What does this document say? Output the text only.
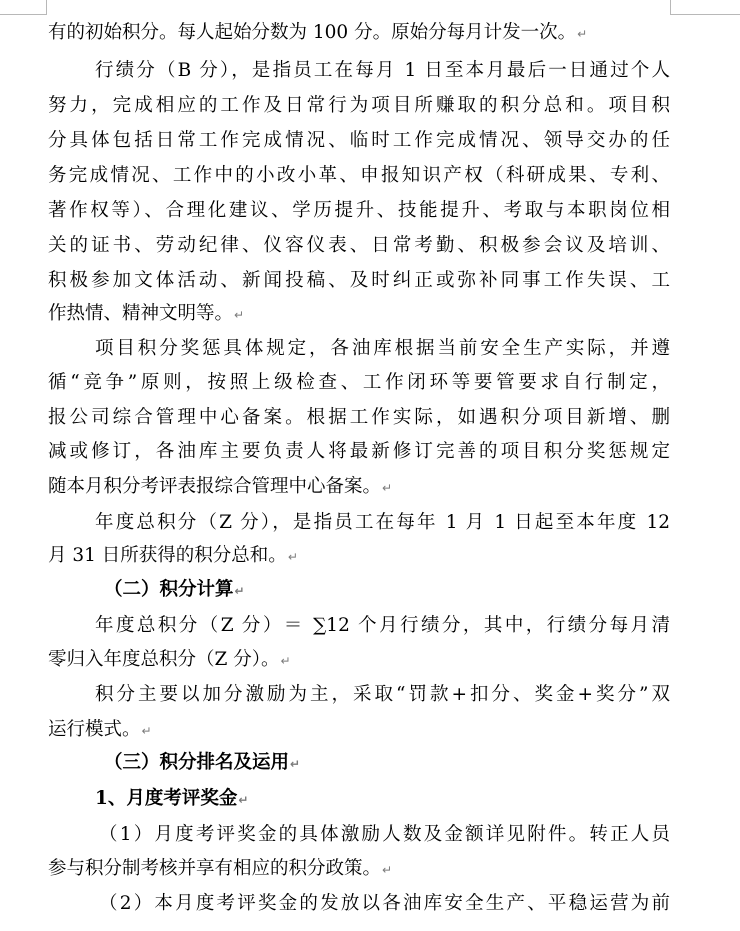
有的初始积分。每人起始分数为 100 分。原始分每月计发一次。↵
行绩分（B 分），是指员工在每月 1 日至本月最后一日通过个人
努力，完成相应的工作及日常行为项目所赚取的积分总和。项目积
分具体包括日常工作完成情况、临时工作完成情况、领导交办的任
务完成情况、工作中的小改小革、申报知识产权（科研成果、专利、
著作权等）、合理化建议、学历提升、技能提升、考取与本职岗位相
关的证书、劳动纪律、仪容仪表、日常考勤、积极参会议及培训、
积极参加文体活动、新闻投稿、及时纠正或弥补同事工作失误、工
作热情、精神文明等。↵
项目积分奖惩具体规定，各油库根据当前安全生产实际，并遵
循“竞争”原则，按照上级检查、工作闭环等要管要求自行制定，
报公司综合管理中心备案。根据工作实际，如遇积分项目新增、删
减或修订，各油库主要负责人将最新修订完善的项目积分奖惩规定
随本月积分考评表报综合管理中心备案。↵
年度总积分（Z 分），是指员工在每年 1 月 1 日起至本年度 12
月 31 日所获得的积分总和。↵
（二）积分计算↵
年度总积分（Z 分）＝ ∑12 个月行绩分，其中，行绩分每月清
零归入年度总积分（Z 分）。↵
积分主要以加分激励为主，采取“罚款+扣分、奖金+奖分”双
运行模式。↵
（三）积分排名及运用↵
1、月度考评奖金↵
（1）月度考评奖金的具体激励人数及金额详见附件。转正人员
参与积分制考核并享有相应的积分政策。↵
（2）本月度考评奖金的发放以各油库安全生产、平稳运营为前
